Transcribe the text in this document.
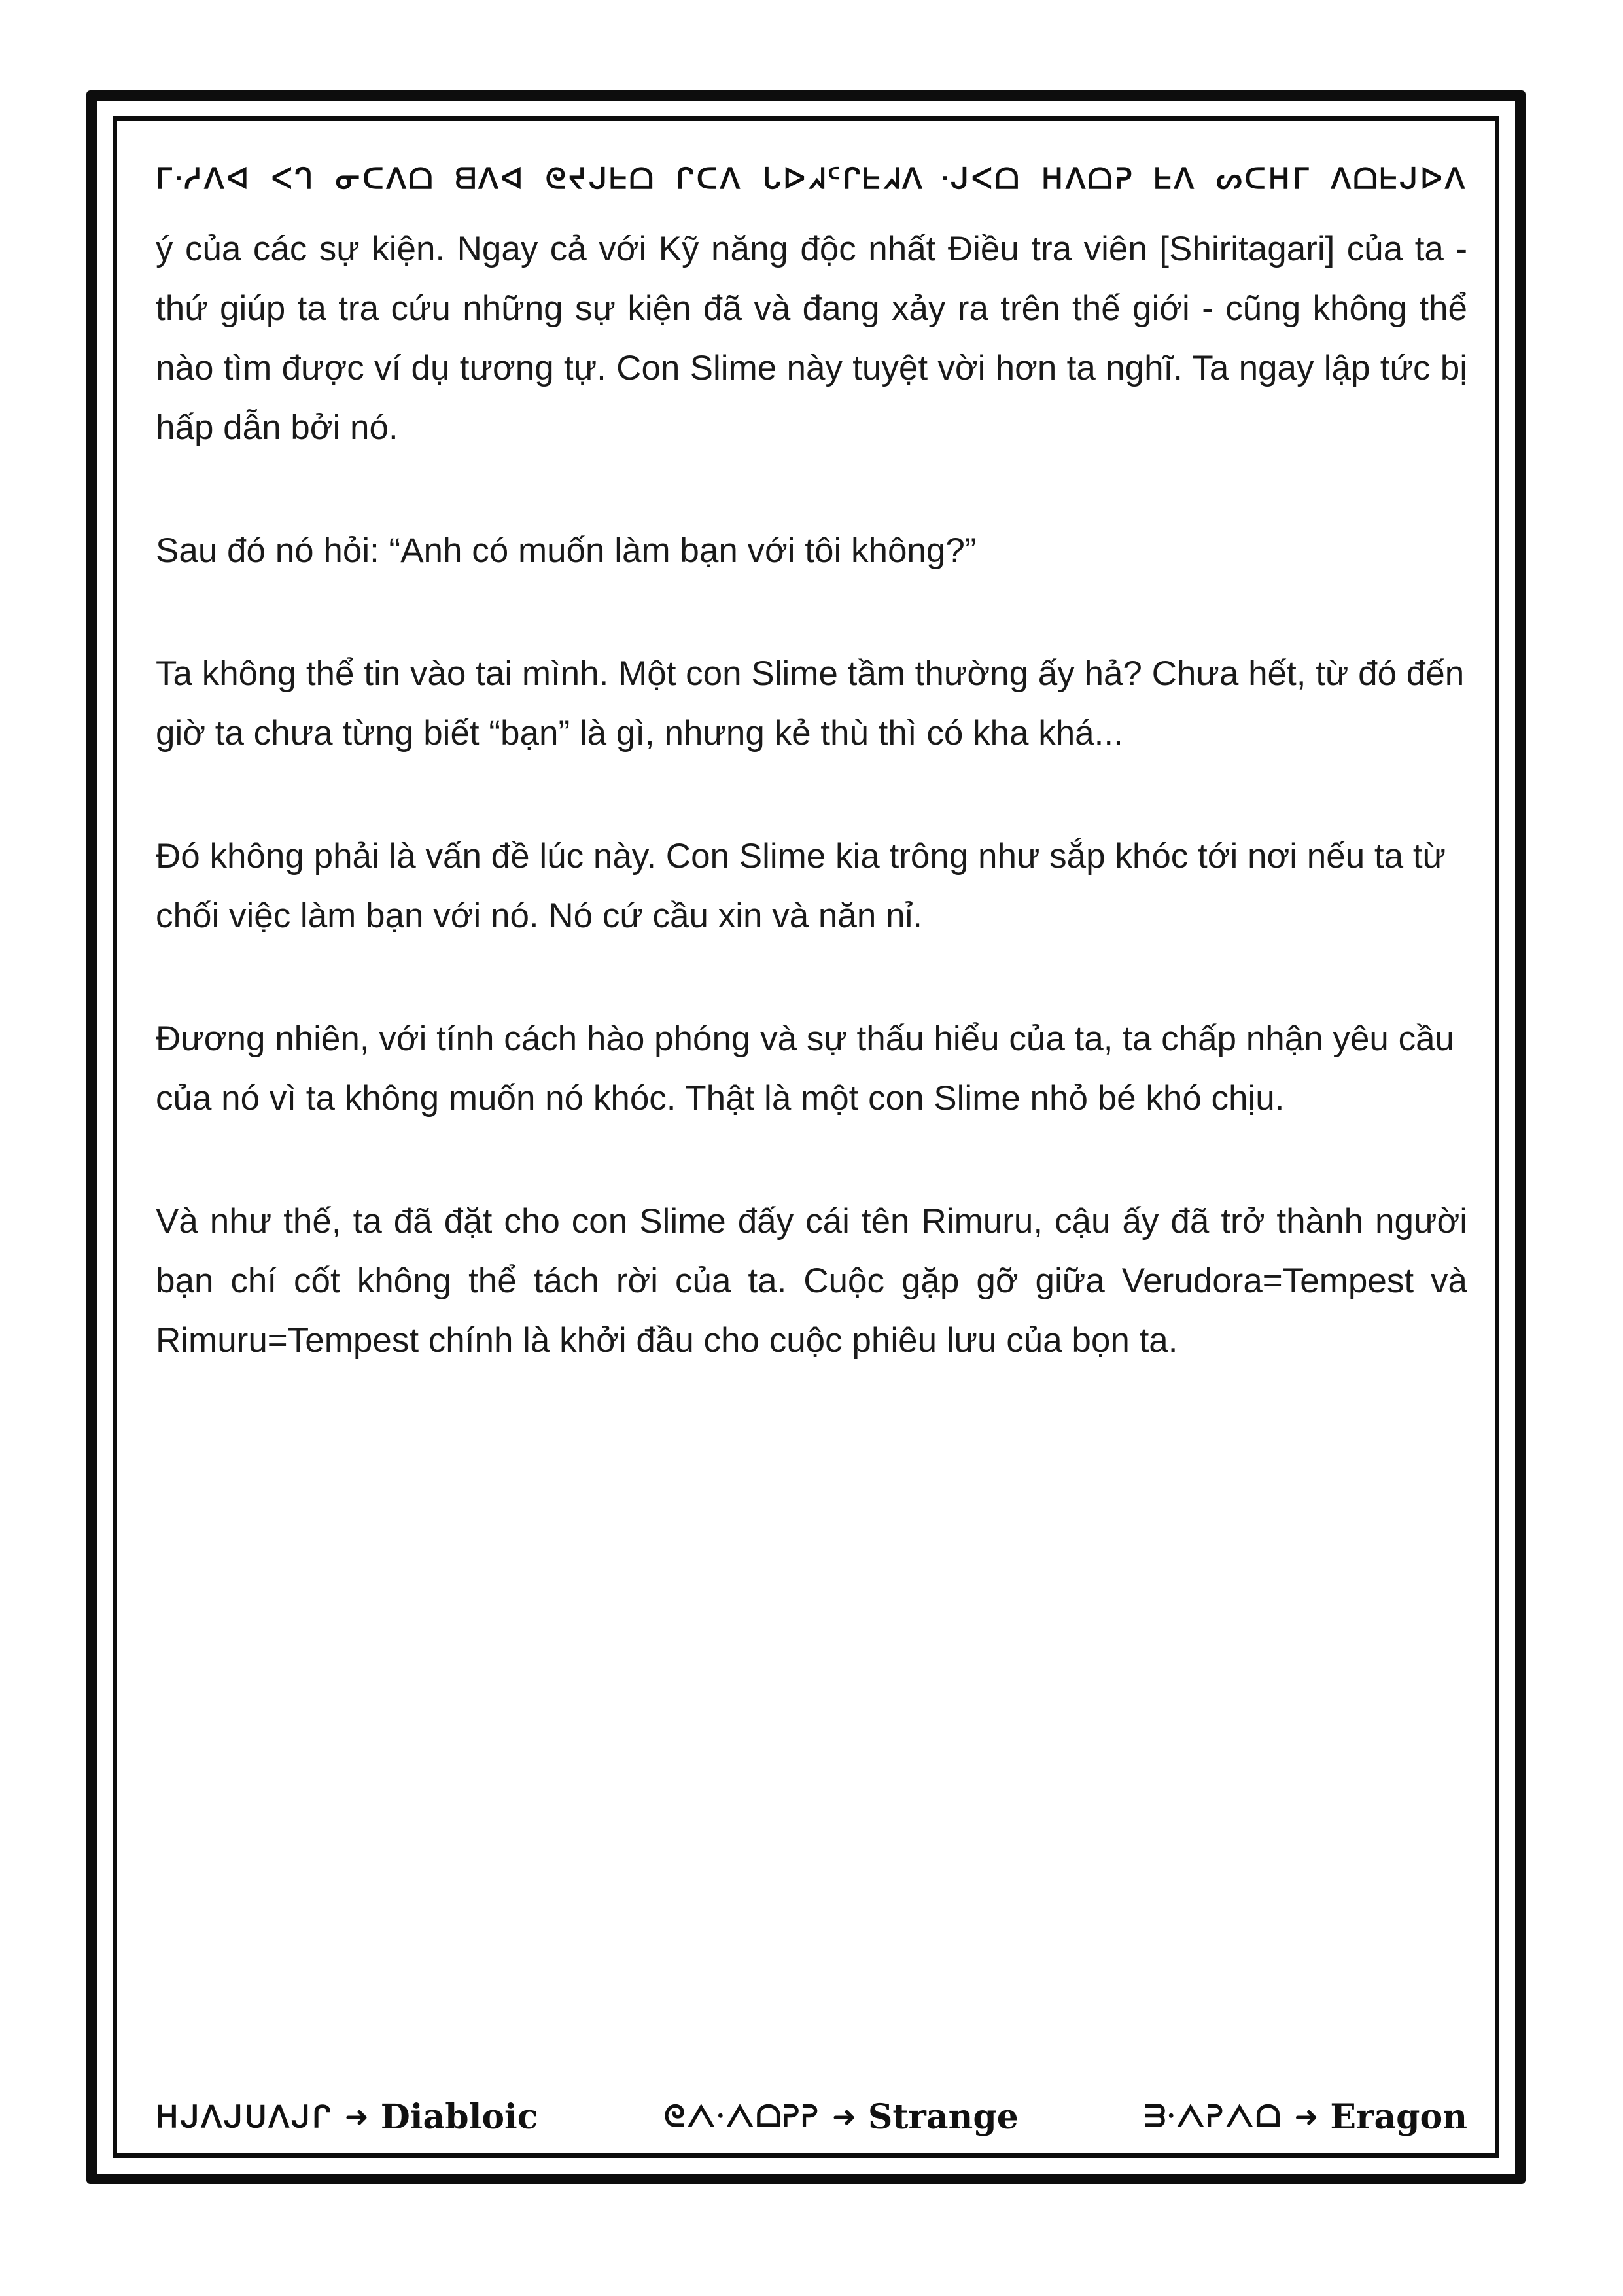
ᒥᐧᓱᐱᐊ ᐸᒉ ᓂᑕᐱᗝ ᗺᐱᐊ ᘓᔪᒍᖶᗝ ᒋᑕᐱ ᒐᐅᖽᑦᒋᖶᖽᐱ ᐧᒍᐸᗝ ᕼᐱᗝᕈ ᖶᐱ ᔕᑕᕼᒥ ᐱᗝᖶᒍᐅᐱ

ý của các sự kiện. Ngay cả với Kỹ năng độc nhất Điều tra viên [Shiritagari] của ta - thứ giúp ta tra cứu những sự kiện đã và đang xảy ra trên thế giới - cũng không thể nào tìm được ví dụ tương tự. Con Slime này tuyệt vời hơn ta nghĩ. Ta ngay lập tức bị hấp dẫn bởi nó.

Sau đó nó hỏi: “Anh có muốn làm bạn với tôi không?”

Ta không thể tin vào tai mình. Một con Slime tầm thường ấy hả? Chưa hết, từ đó đến giờ ta chưa từng biết “bạn” là gì, nhưng kẻ thù thì có kha khá...

Đó không phải là vấn đề lúc này. Con Slime kia trông như sắp khóc tới nơi nếu ta từ chối việc làm bạn với nó. Nó cứ cầu xin và năn nỉ.

Đương nhiên, với tính cách hào phóng và sự thấu hiểu của ta, ta chấp nhận yêu cầu của nó vì ta không muốn nó khóc. Thật là một con Slime nhỏ bé khó chịu.

Và như thế, ta đã đặt cho con Slime đấy cái tên Rimuru, cậu ấy đã trở thành người bạn chí cốt không thể tách rời của ta. Cuộc gặp gỡ giữa Verudora=Tempest và Rimuru=Tempest chính là khởi đầu cho cuộc phiêu lưu của bọn ta.

ᕼᒍᐱᒍᑌᐱᒍᒋ ➜ Diabloic	ᘓᐱᐧᐱᗝᕈᕈ ➜ Strange	ᗱᐧᐱᕈᐱᗝ ➜ Eragon
